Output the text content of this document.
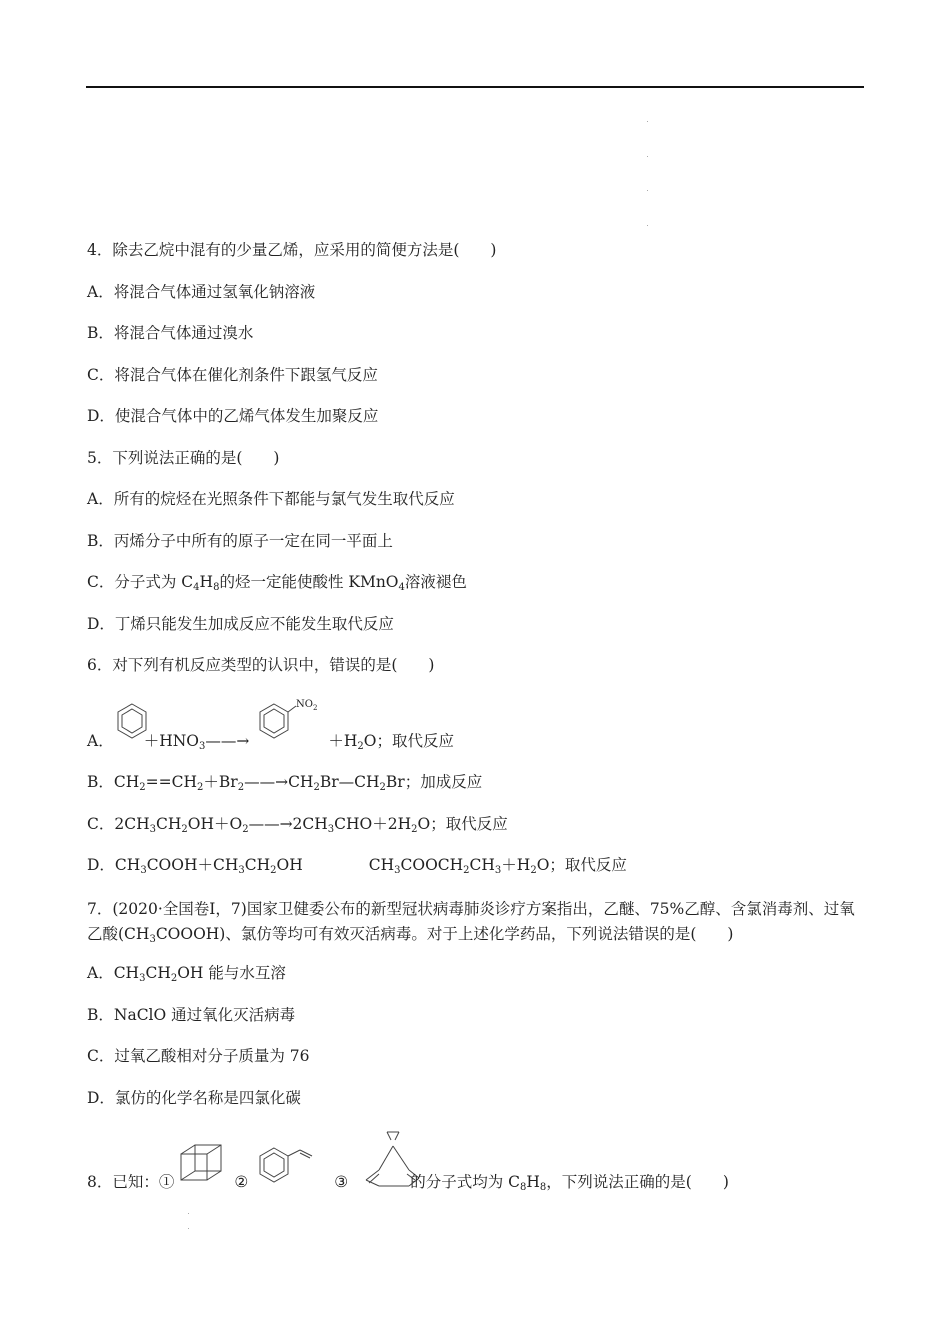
4．除去乙烷中混有的少量乙烯，应采用的简便方法是(　　)
A．将混合气体通过氢氧化钠溶液
B．将混合气体通过溴水
C．将混合气体在催化剂条件下跟氢气反应
D．使混合气体中的乙烯气体发生加聚反应
5．下列说法正确的是(　　)
A．所有的烷烃在光照条件下都能与氯气发生取代反应
B．丙烯分子中所有的原子一定在同一平面上
C．分子式为 $C_4H_8$的烃一定能使酸性 KMnO$_4$溶液褪色
D．丁烯只能发生加成反应不能发生取代反应
6．对下列有机反应类型的认识中，错误的是(　　)
$NO_2$
A． $+HNO_3——\to$	$+H_2O$；取代反应
B．$CH_2==CH_2+Br_2——\to CH_2Br—CH_2Br$；加成反应
C．$2CH_3CH_2OH+O_2——\to 2CH_3CHO+2H_2O$；取代反应
D．$CH_3COOH+CH_3CH_2OH$	$CH_3COOCH_2CH_3+H_2O$；取代反应
7．(2020·全国卷Ⅰ，7)国家卫健委公布的新型冠状病毒肺炎诊疗方案指出，乙醚、75%乙醇、含氯消毒剂、过氧乙酸$(CH_3COOOH)$、氯仿等均可有效灭活病毒。对于上述化学药品，下列说法错误的是(　　)
A．$CH_3CH_2OH$ 能与水互溶
B．NaClO 通过氧化灭活病毒
C．过氧乙酸相对分子质量为 76
D．氯仿的化学名称是四氯化碳
8．已知：①	②	③	的分子式均为 $C_8H_8$，下列说法正确的是(　　)
